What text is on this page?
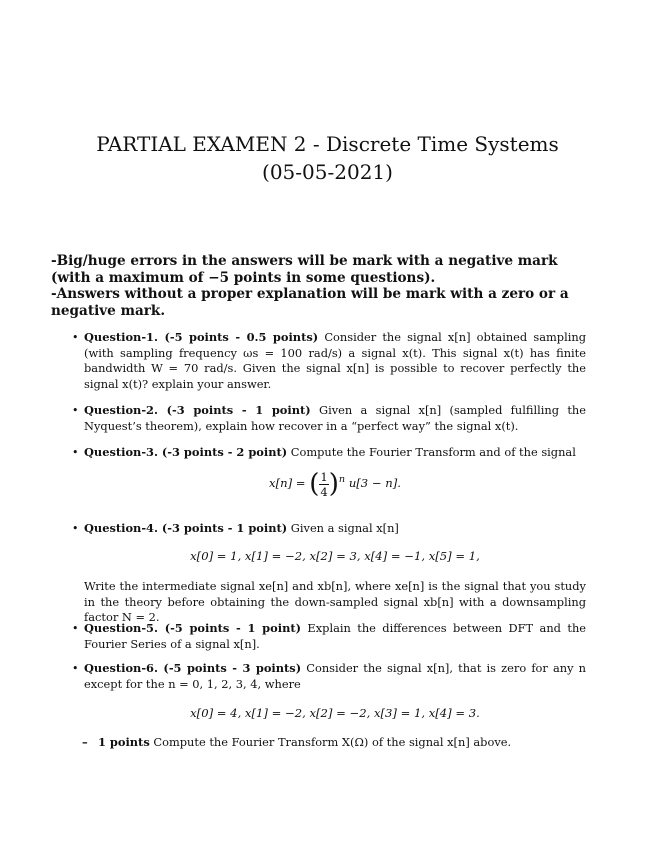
PARTIAL EXAMEN 2 - Discrete Time Systems
(05-05-2021)
-Big/huge errors in the answers will be mark with a negative mark (with a maximum of −5 points in some questions).
-Answers without a proper explanation will be mark with a zero or a negative mark.
• Question-1. (-5 points - 0.5 points) Consider the signal x[n] obtained sampling (with sampling frequency ωs = 100 rad/s) a signal x(t). This signal x(t) has finite bandwidth W = 70 rad/s. Given the signal x[n] is possible to recover perfectly the signal x(t)? explain your answer.
• Question-2. (-3 points - 1 point) Given a signal x[n] (sampled fulfilling the Nyquest’s theorem), explain how recover in a “perfect way” the signal x(t).
• Question-3. (-3 points - 2 point) Compute the Fourier Transform and of the signal
x[n] = ( $\frac{1}{4} )^n$ u[3 − n].
• Question-4. (-3 points - 1 point) Given a signal x[n]
x[0] = 1, x[1] = −2, x[2] = 3, x[4] = −1, x[5] = 1,
Write the intermediate signal xe[n] and xb[n], where xe[n] is the signal that you study in the theory before obtaining the down-sampled signal xb[n] with a downsampling factor N = 2.
• Question-5. (-5 points - 1 point) Explain the differences between DFT and the Fourier Series of a signal x[n].
• Question-6. (-5 points - 3 points) Consider the signal x[n], that is zero for any n except for the n = 0, 1, 2, 3, 4, where
x[0] = 4, x[1] = −2, x[2] = −2, x[3] = 1, x[4] = 3.
– 1 points Compute the Fourier Transform X(Ω) of the signal x[n] above.
